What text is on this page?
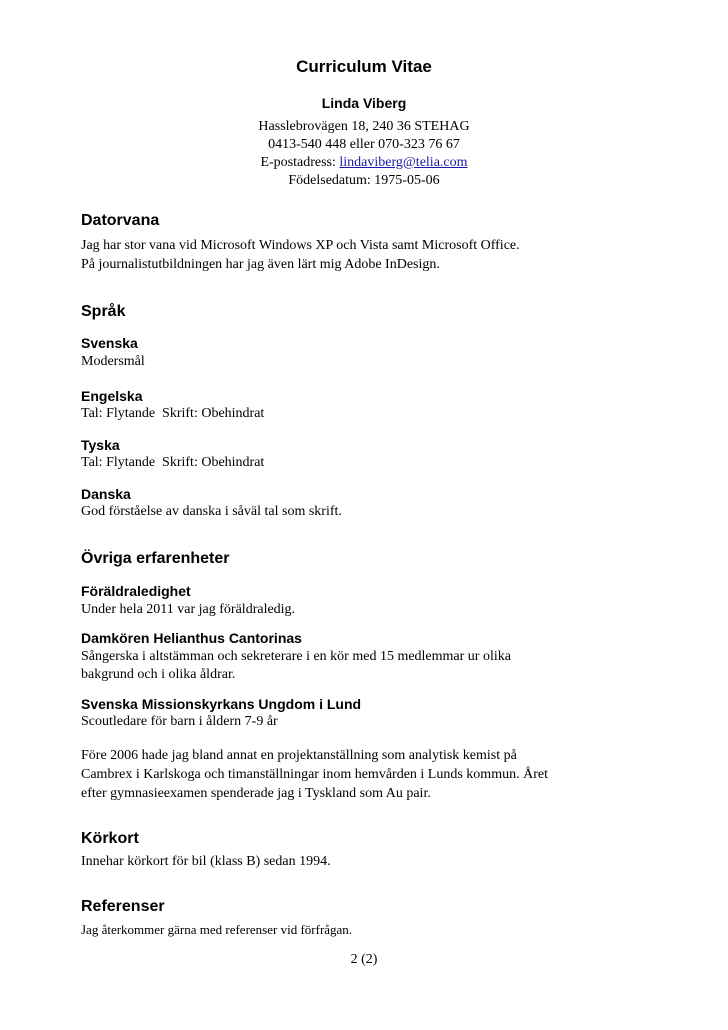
Curriculum Vitae
Linda Viberg
Hasslebrovägen 18, 240 36 STEHAG
0413-540 448 eller 070-323 76 67
E-postadress: lindaviberg@telia.com
Födelsedatum: 1975-05-06
Datorvana
Jag har stor vana vid Microsoft Windows XP och Vista samt Microsoft Office.
På journalistutbildningen har jag även lärt mig Adobe InDesign.
Språk
Svenska
Modersmål
Engelska
Tal: Flytande  Skrift: Obehindrat
Tyska
Tal: Flytande  Skrift: Obehindrat
Danska
God förståelse av danska i såväl tal som skrift.
Övriga erfarenheter
Föräldraledighet
Under hela 2011 var jag föräldraledig.
Damkören Helianthus Cantorinas
Sångerska i altstämman och sekreterare i en kör med 15 medlemmar ur olika
bakgrund och i olika åldrar.
Svenska Missionskyrkans Ungdom i Lund
Scoutledare för barn i åldern 7-9 år
Före 2006 hade jag bland annat en projektanställning som analytisk kemist på
Cambrex i Karlskoga och timanställningar inom hemvården i Lunds kommun. Året
efter gymnasieexamen spenderade jag i Tyskland som Au pair.
Körkort
Innehar körkort för bil (klass B) sedan 1994.
Referenser
Jag återkommer gärna med referenser vid förfrågan.
2 (2)
